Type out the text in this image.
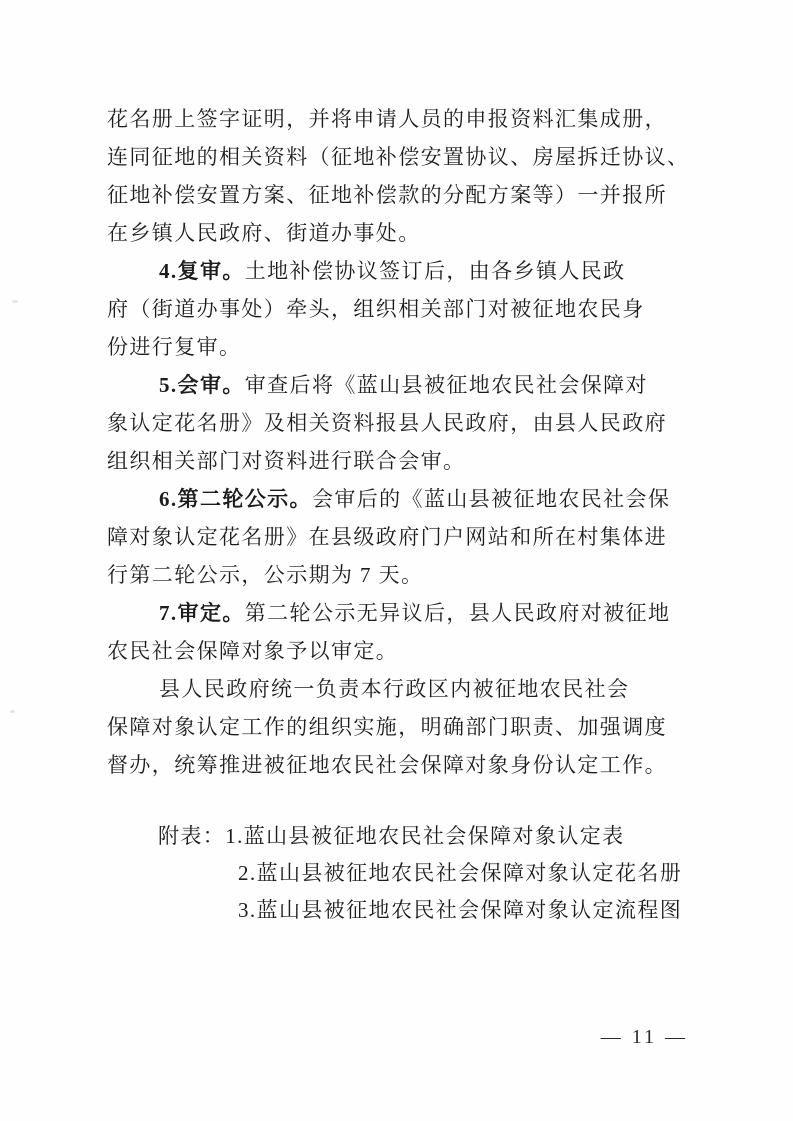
花名册上签字证明，并将申请人员的申报资料汇集成册，
连同征地的相关资料（征地补偿安置协议、房屋拆迁协议、
征地补偿安置方案、征地补偿款的分配方案等）一并报所
在乡镇人民政府、街道办事处。
4.复审。土地补偿协议签订后，由各乡镇人民政
府（街道办事处）牵头，组织相关部门对被征地农民身
份进行复审。
5.会审。审查后将《蓝山县被征地农民社会保障对
象认定花名册》及相关资料报县人民政府，由县人民政府
组织相关部门对资料进行联合会审。
6.第二轮公示。会审后的《蓝山县被征地农民社会保
障对象认定花名册》在县级政府门户网站和所在村集体进
行第二轮公示，公示期为 7 天。
7.审定。第二轮公示无异议后，县人民政府对被征地
农民社会保障对象予以审定。
县人民政府统一负责本行政区内被征地农民社会
保障对象认定工作的组织实施，明确部门职责、加强调度
督办，统筹推进被征地农民社会保障对象身份认定工作。
附表：1.蓝山县被征地农民社会保障对象认定表
2.蓝山县被征地农民社会保障对象认定花名册
3.蓝山县被征地农民社会保障对象认定流程图
— 11 —
